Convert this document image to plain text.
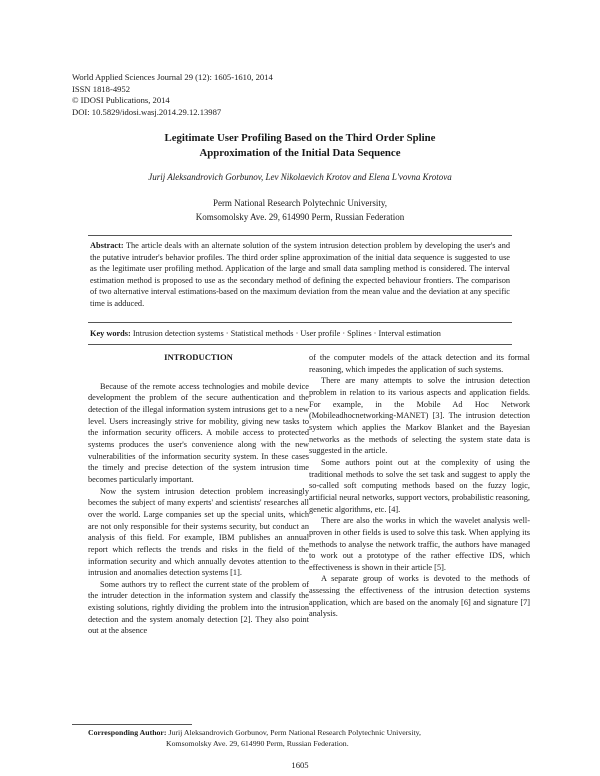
World Applied Sciences Journal 29 (12): 1605-1610, 2014
ISSN 1818-4952
© IDOSI Publications, 2014
DOI: 10.5829/idosi.wasj.2014.29.12.13987
Legitimate User Profiling Based on the Third Order Spline
Approximation of the Initial Data Sequence
Jurij Aleksandrovich Gorbunov, Lev Nikolaevich Krotov and Elena L'vovna Krotova
Perm National Research Polytechnic University,
Komsomolsky Ave. 29, 614990 Perm, Russian Federation
Abstract: The article deals with an alternate solution of the system intrusion detection problem by developing the user's and the putative intruder's behavior profiles. The third order spline approximation of the initial data sequence is suggested to use as the legitimate user profiling method. Application of the large and small data sampling method is considered. The interval estimation method is proposed to use as the secondary method of defining the expected behaviour frontiers. The comparison of two alternative interval estimations-based on the maximum deviation from the mean value and the deviation at any specific time is adduced.
Key words: Intrusion detection systems · Statistical methods · User profile · Splines · Interval estimation
INTRODUCTION

Because of the remote access technologies and mobile device development the problem of the secure authentication and the detection of the illegal information system intrusions get to a new level. Users increasingly strive for mobility, giving new tasks to the information security officers. A mobile access to protected systems produces the user's convenience along with the new vulnerabilities of the information security system. In these cases the timely and precise detection of the system intrusion time becomes particularly important.

Now the system intrusion detection problem increasingly becomes the subject of many experts' and scientists' researches all over the world. Large companies set up the special units, which are not only responsible for their systems security, but conduct an analysis of this field. For example, IBM publishes an annual report which reflects the trends and risks in the field of the information security and which annually devotes attention to the intrusion and anomalies detection systems [1].

Some authors try to reflect the current state of the problem of the intruder detection in the information system and classify the existing solutions, rightly dividing the problem into the intrusion detection and the system anomaly detection [2]. They also point out at the absence

of the computer models of the attack detection and its formal reasoning, which impedes the application of such systems.

There are many attempts to solve the intrusion detection problem in relation to its various aspects and application fields. For example, in the Mobile Ad Hoc Network (Mobileadhocnetworking-MANET) [3]. The intrusion detection system which applies the Markov Blanket and the Bayesian networks as the methods of selecting the system state data is suggested in the article.

Some authors point out at the complexity of using the traditional methods to solve the set task and suggest to apply the so-called soft computing methods based on the fuzzy logic, artificial neural networks, support vectors, probabilistic reasoning, genetic algorithms, etc. [4].

There are also the works in which the wavelet analysis well-proven in other fields is used to solve this task. When applying its methods to analyse the network traffic, the authors have managed to work out a prototype of the rather effective IDS, which effectiveness is shown in their article [5].

A separate group of works is devoted to the methods of assessing the effectiveness of the intrusion detection systems application, which are based on the anomaly [6] and signature [7] analysis.

Corresponding Author: Jurij Aleksandrovich Gorbunov, Perm National Research Polytechnic University,
Komsomolsky Ave. 29, 614990 Perm, Russian Federation.
1605
